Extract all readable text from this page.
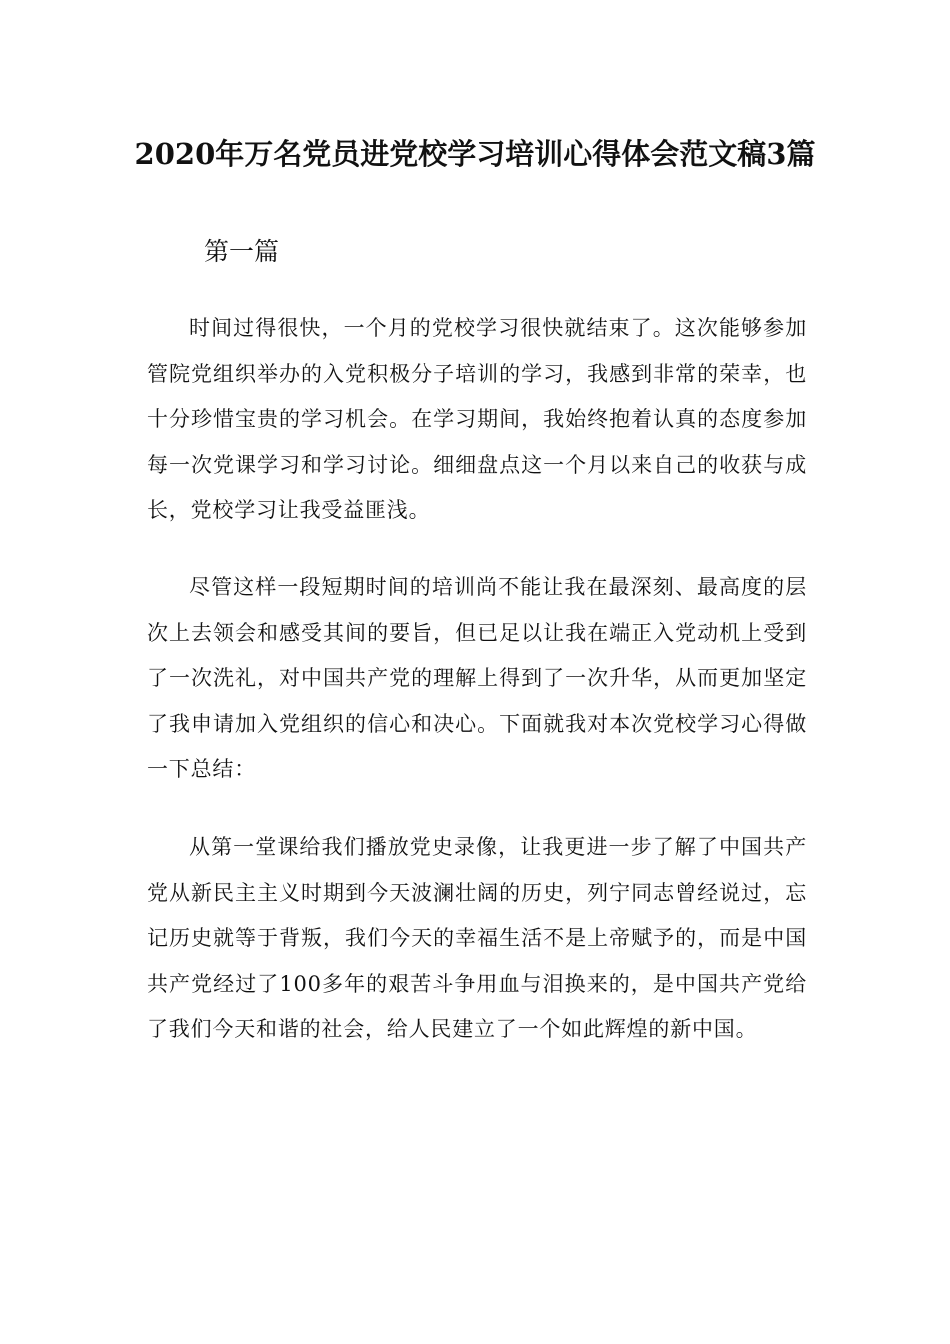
2020年万名党员进党校学习培训心得体会范文稿3篇
第一篇

时间过得很快，一个月的党校学习很快就结束了。这次能够参加管院党组织举办的入党积极分子培训的学习，我感到非常的荣幸，也十分珍惜宝贵的学习机会。在学习期间，我始终抱着认真的态度参加每一次党课学习和学习讨论。细细盘点这一个月以来自己的收获与成长，党校学习让我受益匪浅。

尽管这样一段短期时间的培训尚不能让我在最深刻、最高度的层次上去领会和感受其间的要旨，但已足以让我在端正入党动机上受到了一次洗礼，对中国共产党的理解上得到了一次升华，从而更加坚定了我申请加入党组织的信心和决心。下面就我对本次党校学习心得做一下总结：

从第一堂课给我们播放党史录像，让我更进一步了解了中国共产党从新民主主义时期到今天波澜壮阔的历史，列宁同志曾经说过，忘记历史就等于背叛，我们今天的幸福生活不是上帝赋予的，而是中国共产党经过了100多年的艰苦斗争用血与泪换来的，是中国共产党给了我们今天和谐的社会，给人民建立了一个如此辉煌的新中国。
